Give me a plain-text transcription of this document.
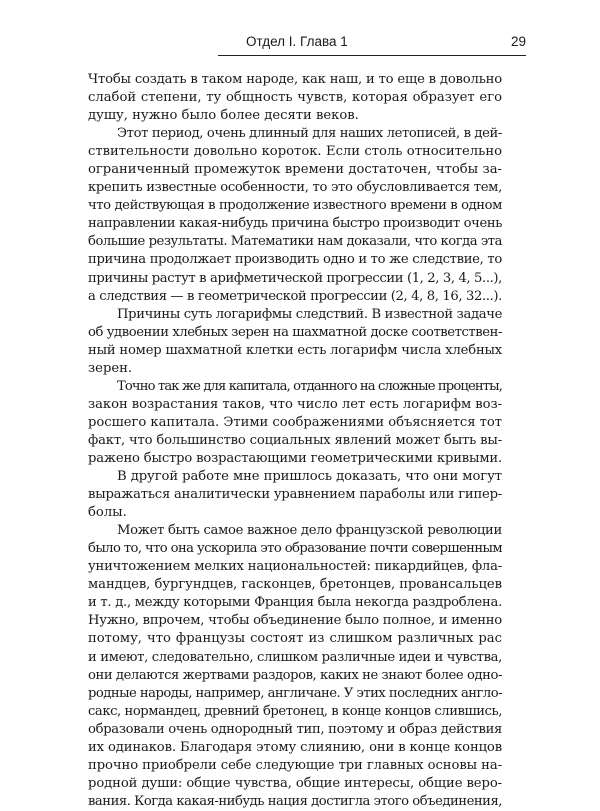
Отдел I. Глава 1	29
Чтобы создать в таком народе, как наш, и то еще в довольно
слабой степени, ту общность чувств, которая образует его
душу, нужно было более десяти веков.
Этот период, очень длинный для наших летописей, в дей-
ствительности довольно короток. Если столь относительно
ограниченный промежуток времени достаточен, чтобы за-
крепить известные особенности, то это обусловливается тем,
что действующая в продолжение известного времени в одном
направлении какая-нибудь причина быстро производит очень
большие результаты. Математики нам доказали, что когда эта
причина продолжает производить одно и то же следствие, то
причины растут в арифметической прогрессии (1, 2, 3, 4, 5...),
а следствия — в геометрической прогрессии (2, 4, 8, 16, 32...).
Причины суть логарифмы следствий. В известной задаче
об удвоении хлебных зерен на шахматной доске соответствен-
ный номер шахматной клетки есть логарифм числа хлебных
зерен.
Точно так же для капитала, отданного на сложные проценты,
закон возрастания таков, что число лет есть логарифм воз-
росшего капитала. Этими соображениями объясняется тот
факт, что большинство социальных явлений может быть вы-
ражено быстро возрастающими геометрическими кривыми.
В другой работе мне пришлось доказать, что они могут
выражаться аналитически уравнением параболы или гипер-
болы.
Может быть самое важное дело французской революции
было то, что она ускорила это образование почти совершенным
уничтожением мелких национальностей: пикардийцев, фла-
мандцев, бургундцев, гасконцев, бретонцев, провансальцев
и т. д., между которыми Франция была некогда раздроблена.
Нужно, впрочем, чтобы объединение было полное, и именно
потому, что французы состоят из слишком различных рас
и имеют, следовательно, слишком различные идеи и чувства,
они делаются жертвами раздоров, каких не знают более одно-
родные народы, например, англичане. У этих последних англо-
сакс, нормандец, древний бретонец, в конце концов слившись,
образовали очень однородный тип, поэтому и образ действия
их одинаков. Благодаря этому слиянию, они в конце концов
прочно приобрели себе следующие три главных основы на-
родной души: общие чувства, общие интересы, общие веро-
вания. Когда какая-нибудь нация достигла этого объединения,
